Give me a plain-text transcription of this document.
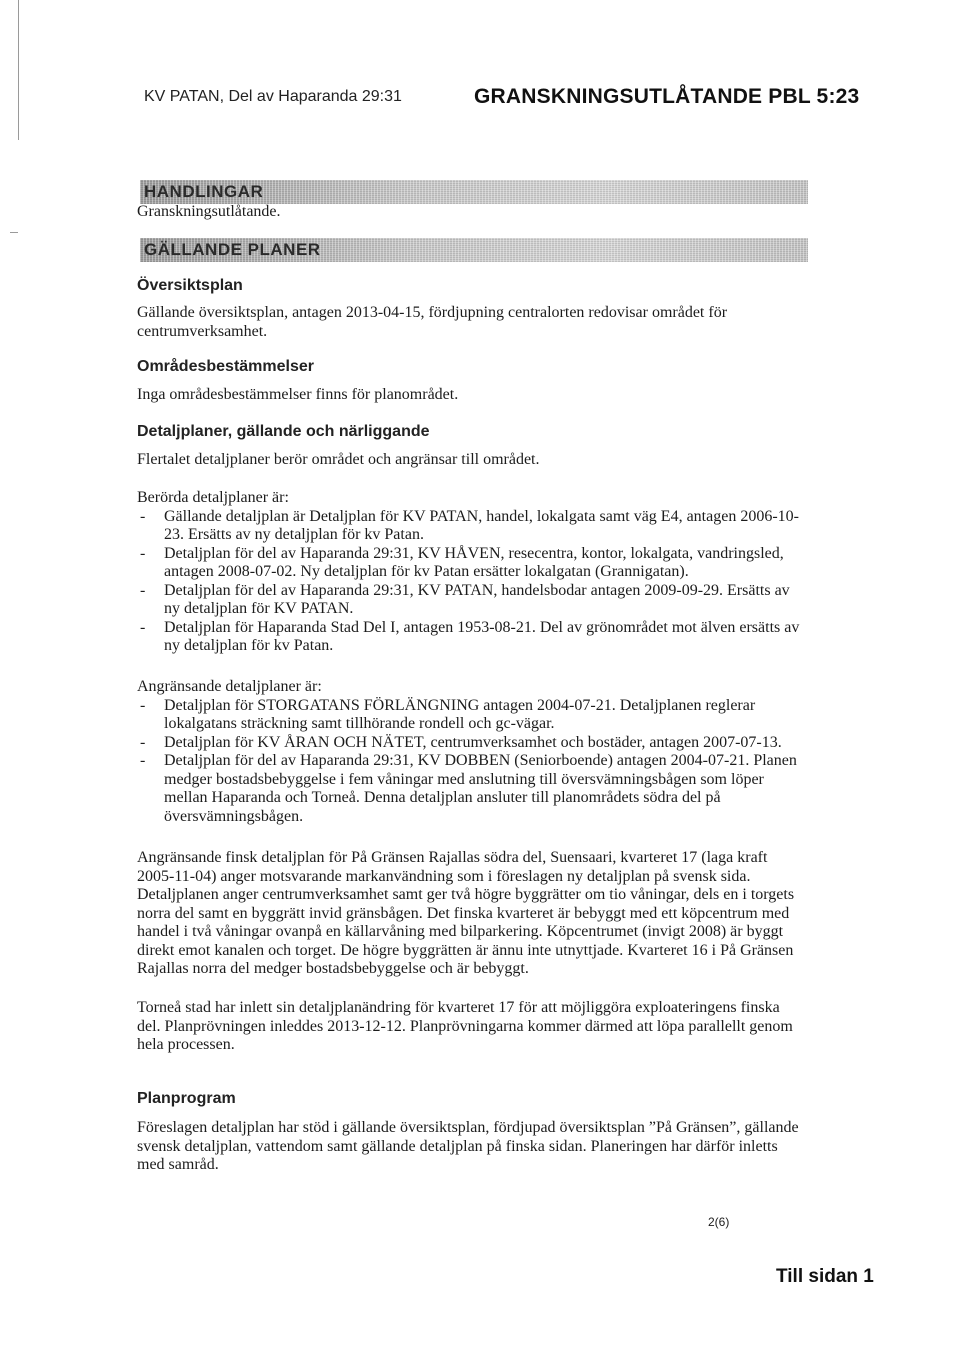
KV PATAN, Del av Haparanda 29:31	GRANSKNINGSUTLÅTANDE PBL 5:23
HANDLINGAR
Granskningsutlåtande.
GÄLLANDE PLANER
Översiktsplan
Gällande översiktsplan, antagen 2013-04-15, fördjupning centralorten redovisar området för centrumverksamhet.
Områdesbestämmelser
Inga områdesbestämmelser finns för planområdet.
Detaljplaner, gällande och närliggande
Flertalet detaljplaner berör området och angränsar till området.
Berörda detaljplaner är:
- Gällande detaljplan är Detaljplan för KV PATAN, handel, lokalgata samt väg E4, antagen 2006-10-23. Ersätts av ny detaljplan för kv Patan.
- Detaljplan för del av Haparanda 29:31, KV HÅVEN, resecentra, kontor, lokalgata, vandringsled, antagen 2008-07-02. Ny detaljplan för kv Patan ersätter lokalgatan (Grannigatan).
- Detaljplan för del av Haparanda 29:31, KV PATAN, handelsbodar antagen 2009-09-29. Ersätts av ny detaljplan för KV PATAN.
- Detaljplan för Haparanda Stad Del I, antagen 1953-08-21. Del av grönområdet mot älven ersätts av ny detaljplan för kv Patan.
Angränsande detaljplaner är:
- Detaljplan för STORGATANS FÖRLÄNGNING antagen 2004-07-21. Detaljplanen reglerar lokalgatans sträckning samt tillhörande rondell och gc-vägar.
- Detaljplan för KV ÅRAN OCH NÄTET, centrumverksamhet och bostäder, antagen 2007-07-13.
- Detaljplan för del av Haparanda 29:31, KV DOBBEN (Seniorboende) antagen 2004-07-21. Planen medger bostadsbebyggelse i fem våningar med anslutning till översvämningsbågen som löper mellan Haparanda och Torneå. Denna detaljplan ansluter till planområdets södra del på översvämningsbågen.
Angränsande finsk detaljplan för På Gränsen Rajallas södra del, Suensaari, kvarteret 17 (laga kraft 2005-11-04) anger motsvarande markanvändning som i föreslagen ny detaljplan på svensk sida. Detaljplanen anger centrumverksamhet samt ger två högre byggrätter om tio våningar, dels en i torgets norra del samt en byggrätt invid gränsbågen. Det finska kvarteret är bebyggt med ett köpcentrum med handel i två våningar ovanpå en källarvåning med bilparkering. Köpcentrumet (invigt 2008) är byggt direkt emot kanalen och torget. De högre byggrätten är ännu inte utnyttjade. Kvarteret 16 i På Gränsen Rajallas norra del medger bostadsbebyggelse och är bebyggt.
Torneå stad har inlett sin detaljplanändring för kvarteret 17 för att möjliggöra exploateringens finska del. Planprövningen inleddes 2013-12-12. Planprövningarna kommer därmed att löpa parallellt genom hela processen.
Planprogram
Föreslagen detaljplan har stöd i gällande översiktsplan, fördjupad översiktsplan ”På Gränsen”, gällande svensk detaljplan, vattendom samt gällande detaljplan på finska sidan. Planeringen har därför inletts med samråd.
2(6)
Till sidan 1
